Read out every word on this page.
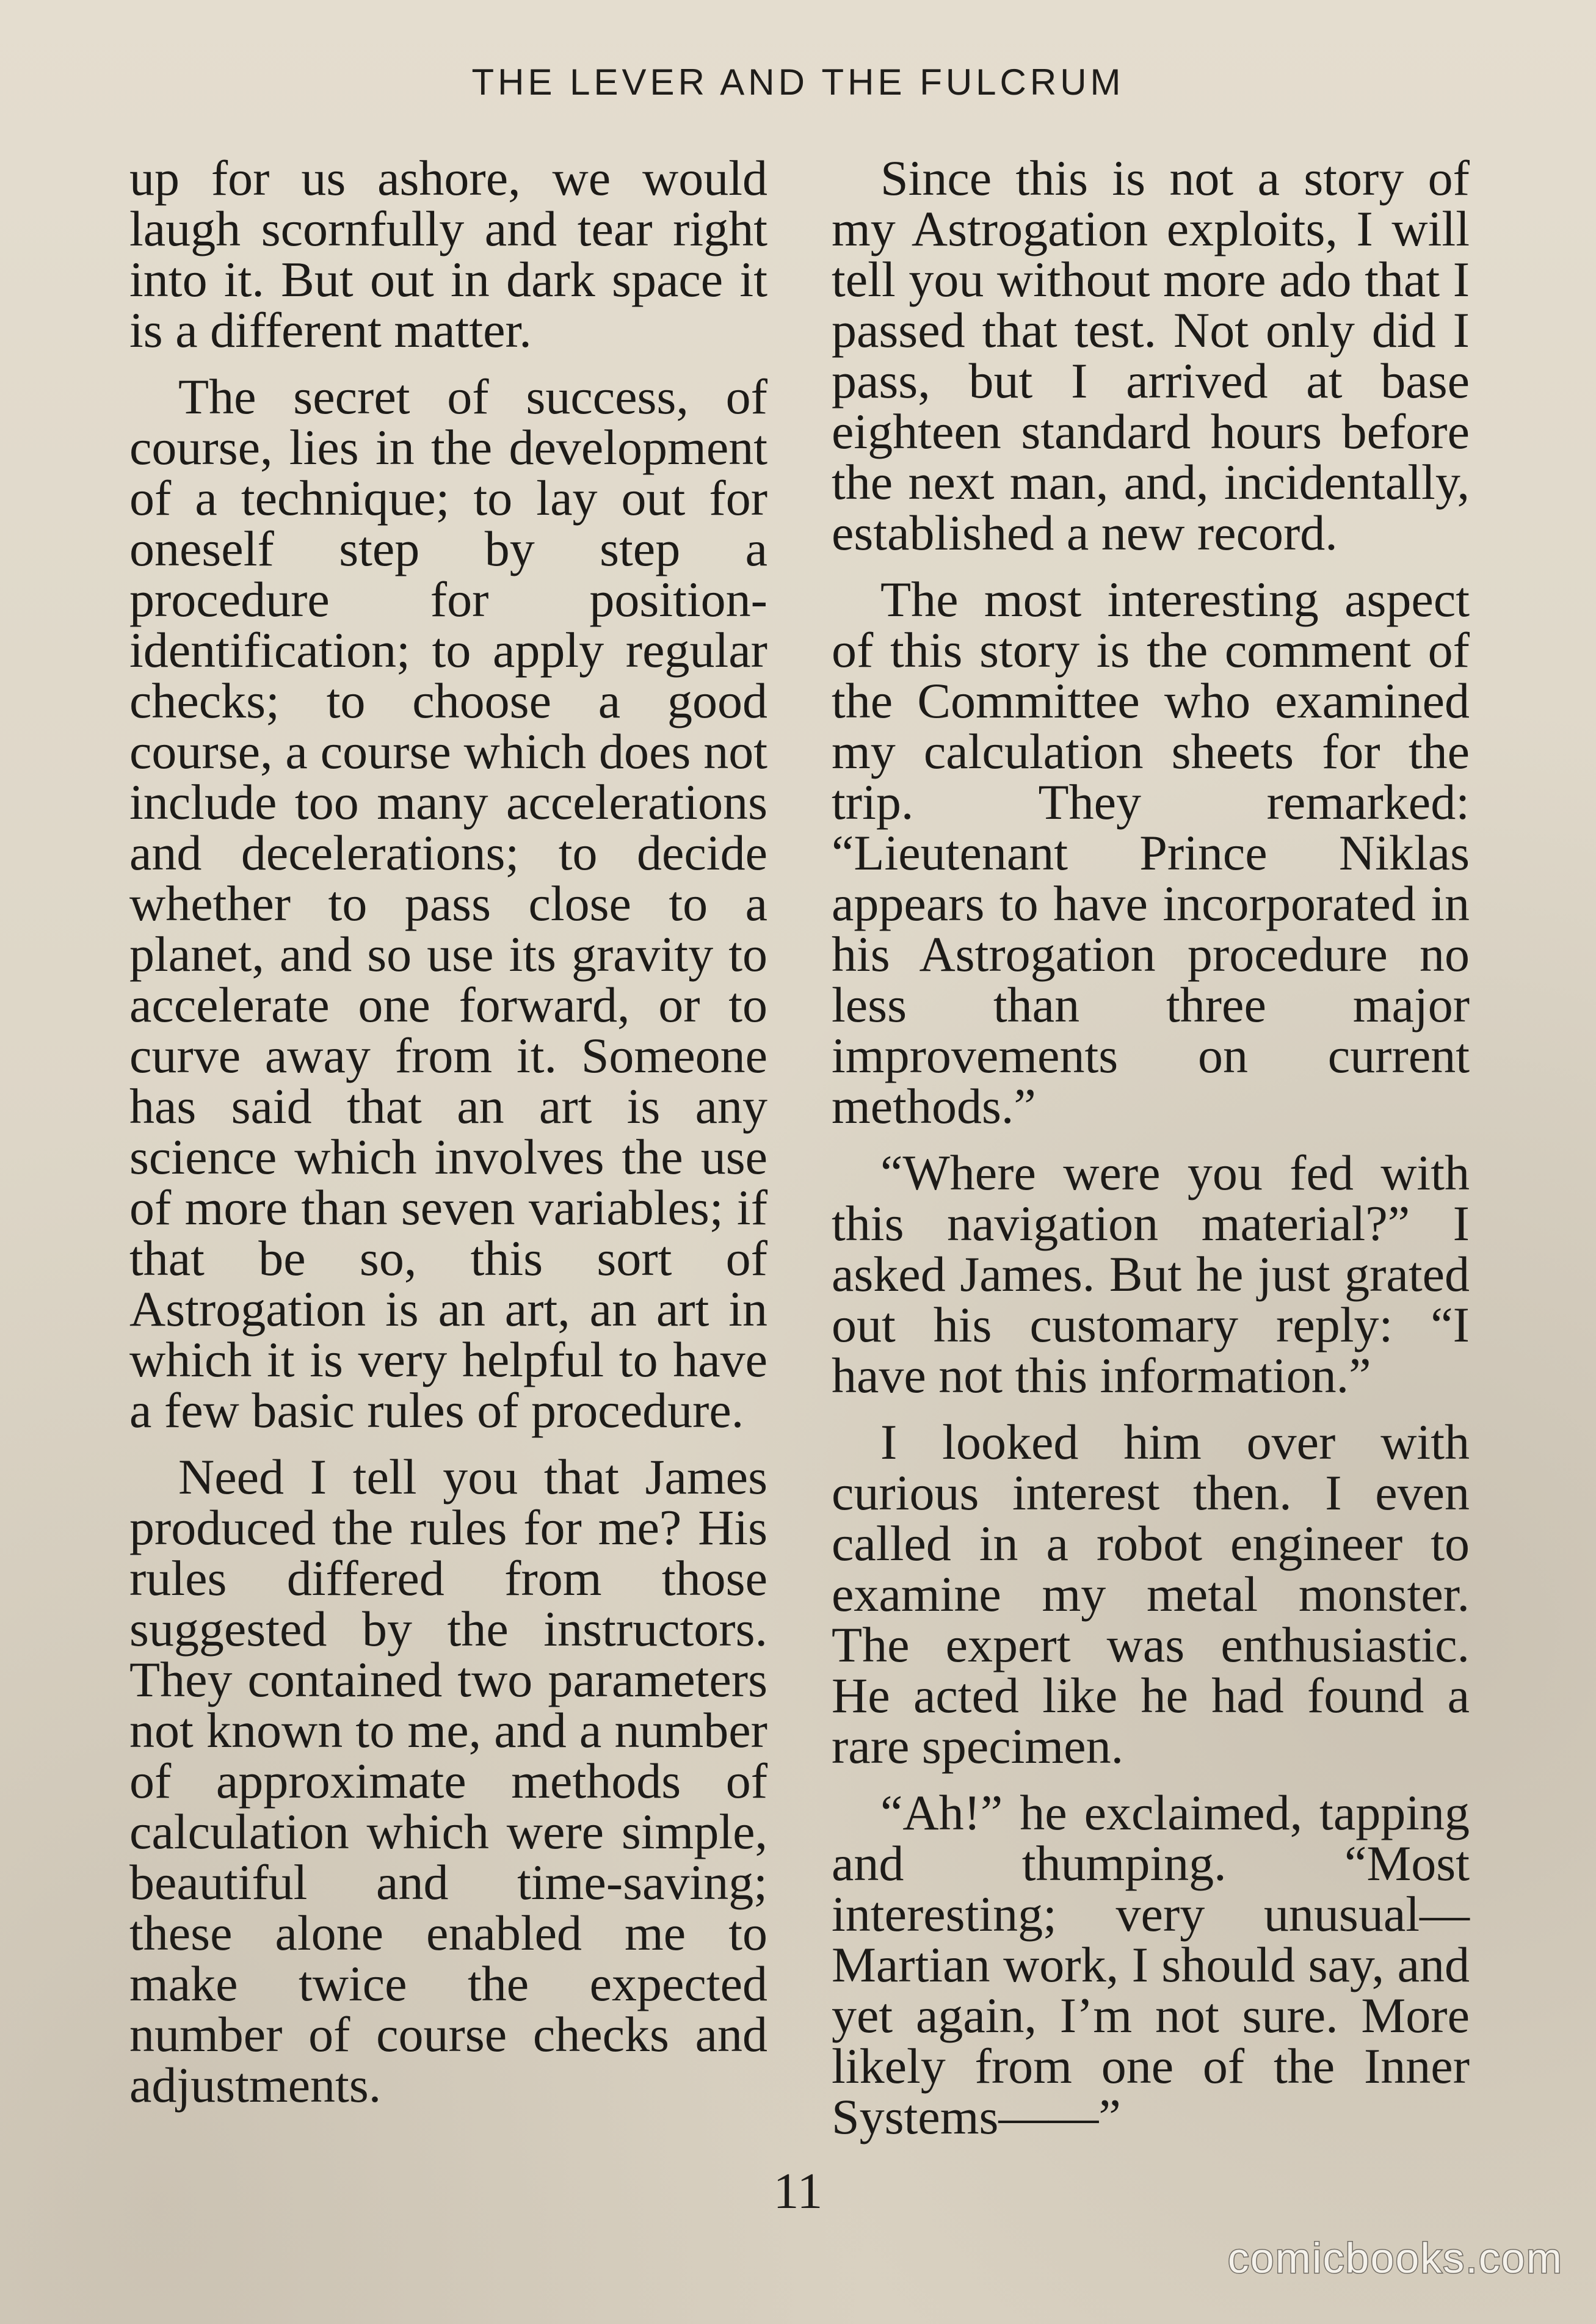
THE LEVER AND THE FULCRUM

up for us ashore, we would laugh scornfully and tear right into it. But out in dark space it is a different matter.

The secret of success, of course, lies in the development of a technique; to lay out for oneself step by step a procedure for position-identification; to apply regular checks; to choose a good course, a course which does not include too many accelerations and decelerations; to decide whether to pass close to a planet, and so use its gravity to accelerate one forward, or to curve away from it. Someone has said that an art is any science which involves the use of more than seven variables; if that be so, this sort of Astrogation is an art, an art in which it is very helpful to have a few basic rules of procedure.

Need I tell you that James produced the rules for me? His rules differed from those suggested by the instructors. They contained two parameters not known to me, and a number of approximate methods of calculation which were simple, beautiful and time-saving; these alone enabled me to make twice the expected number of course checks and adjustments.

Since this is not a story of my Astrogation exploits, I will tell you without more ado that I passed that test. Not only did I pass, but I arrived at base eighteen standard hours before the next man, and, incidentally, established a new record.

The most interesting aspect of this story is the comment of the Committee who examined my calculation sheets for the trip. They remarked: “Lieutenant Prince Niklas appears to have incorporated in his Astrogation procedure no less than three major improvements on current methods.”

“Where were you fed with this navigation material?” I asked James. But he just grated out his customary reply: “I have not this information.”

I looked him over with curious interest then. I even called in a robot engineer to examine my metal monster. The expert was enthusiastic. He acted like he had found a rare specimen.

“Ah!” he exclaimed, tapping and thumping. “Most interesting; very unusual—Martian work, I should say, and yet again, I’m not sure. More likely from one of the Inner Systems——”

11
comicbooks.com
